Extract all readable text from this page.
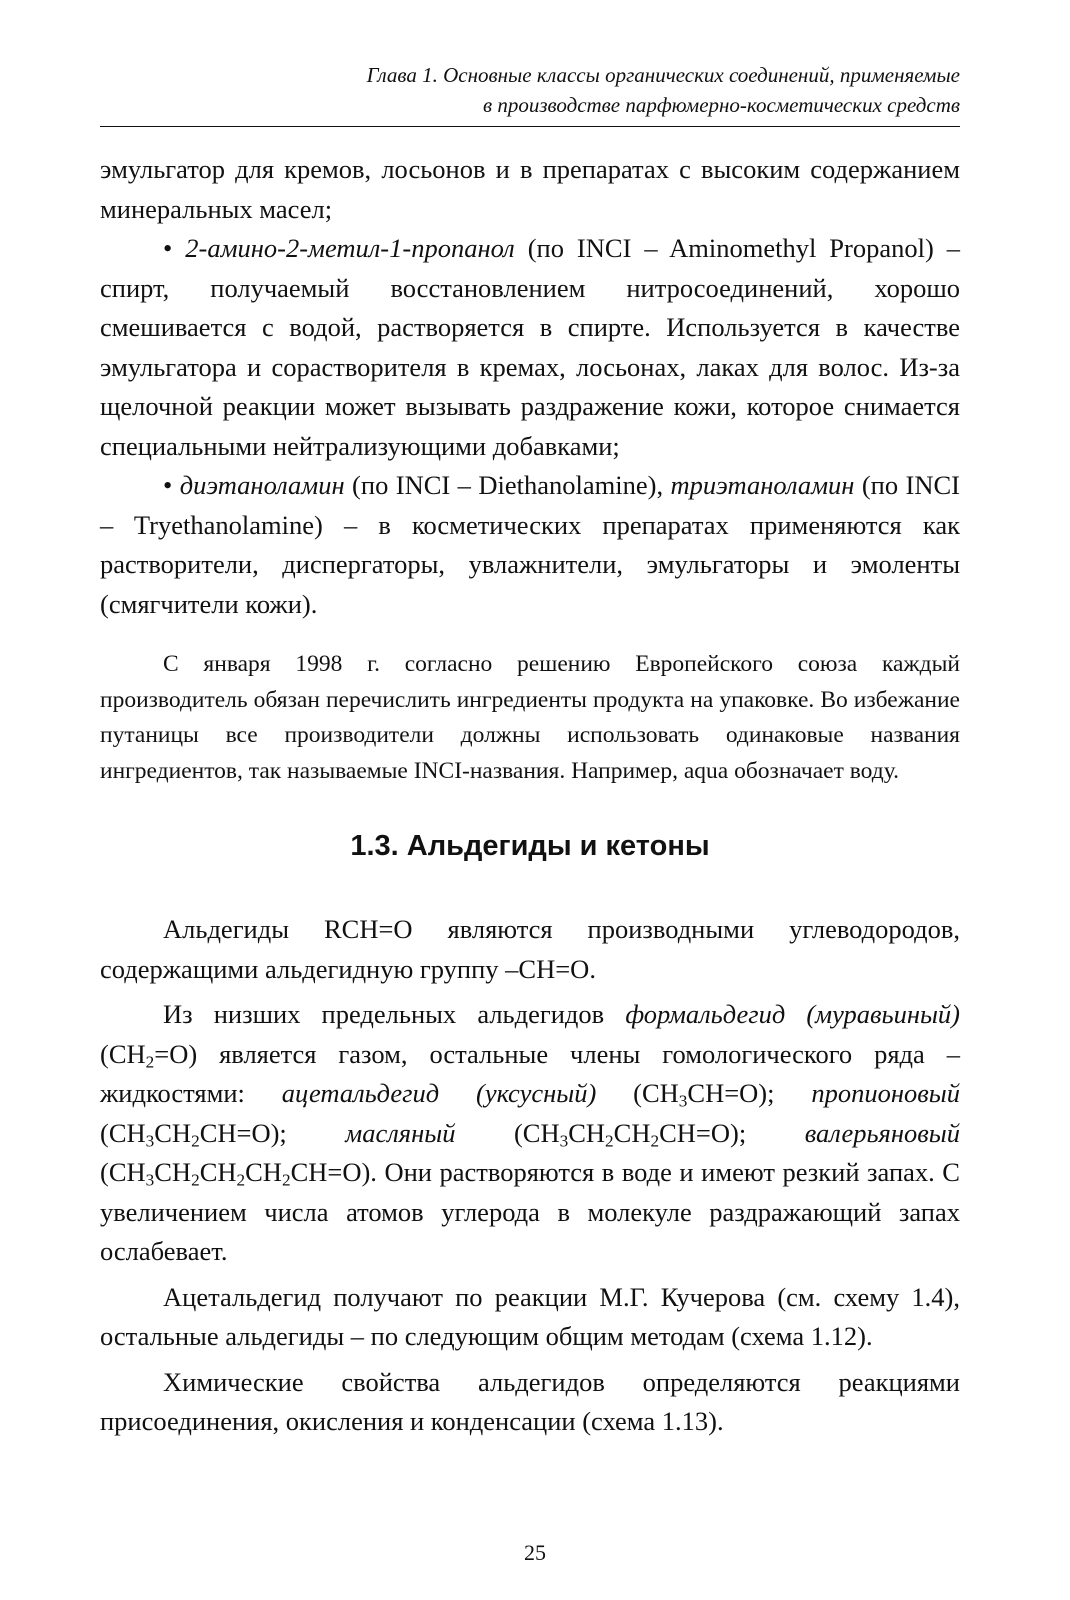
Глава 1. Основные классы органических соединений, применяемые
в производстве парфюмерно-косметических средств

эмульгатор для кремов, лосьонов и в препаратах с высоким содержанием минеральных масел;

• 2-амино-2-метил-1-пропанол (по INCI – Aminomethyl Propanol) – спирт, получаемый восстановлением нитросоединений, хорошо смешивается с водой, растворяется в спирте. Используется в качестве эмульгатора и сорастворителя в кремах, лосьонах, лаках для волос. Из-за щелочной реакции может вызывать раздражение кожи, которое снимается специальными нейтрализующими добавками;

• диэтаноламин (по INCI – Diethanolamine), триэтаноламин (по INCI – Tryethanolamine) – в косметических препаратах применяются как растворители, диспергаторы, увлажнители, эмульгаторы и эмоленты (смягчители кожи).

С января 1998 г. согласно решению Европейского союза каждый производитель обязан перечислить ингредиенты продукта на упаковке. Во избежание путаницы все производители должны использовать одинаковые названия ингредиентов, так называемые INCI-названия. Например, aqua обозначает воду.

1.3. Альдегиды и кетоны

Альдегиды RCH=O являются производными углеводородов, содержащими альдегидную группу –CH=O.

Из низших предельных альдегидов формальдегид (муравьиный) $(CH_2=O)$ является газом, остальные члены гомологического ряда – жидкостями: ацетальдегид (уксусный) $(CH_3CH=O)$; пропионовый $(CH_3CH_2CH=O)$; масляный $(CH_3CH_2CH_2CH=O)$; валерьяновый $(CH_3CH_2CH_2CH_2CH=O)$. Они растворяются в воде и имеют резкий запах. С увеличением числа атомов углерода в молекуле раздражающий запах ослабевает.

Ацетальдегид получают по реакции М.Г. Кучерова (см. схему 1.4), остальные альдегиды – по следующим общим методам (схема 1.12).

Химические свойства альдегидов определяются реакциями присоединения, окисления и конденсации (схема 1.13).

25
